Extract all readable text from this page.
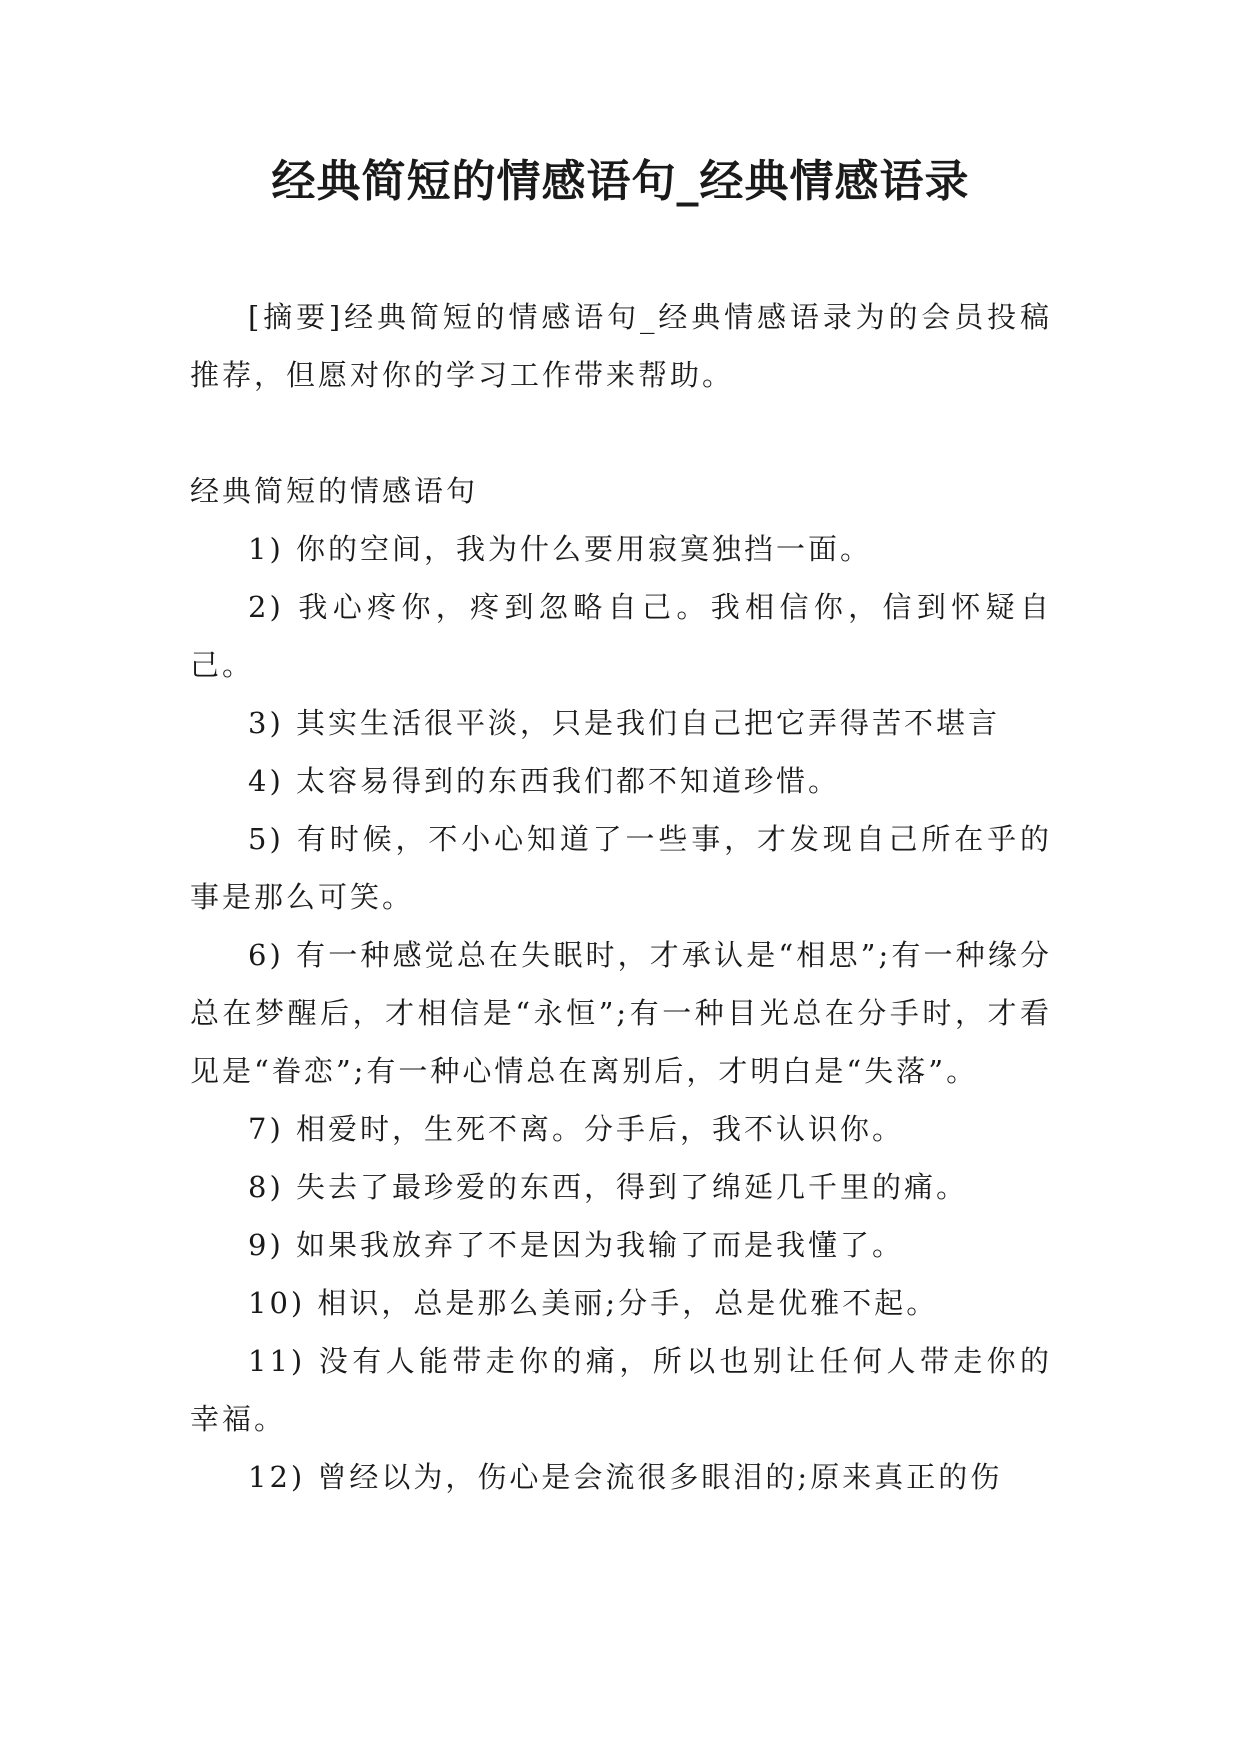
经典简短的情感语句_经典情感语录

[摘要]经典简短的情感语句_经典情感语录为的会员投稿推荐，但愿对你的学习工作带来帮助。

经典简短的情感语句

1) 你的空间，我为什么要用寂寞独挡一面。

2) 我心疼你，疼到忽略自己。我相信你，信到怀疑自己。

3) 其实生活很平淡，只是我们自己把它弄得苦不堪言

4) 太容易得到的东西我们都不知道珍惜。

5) 有时候，不小心知道了一些事，才发现自己所在乎的事是那么可笑。

6) 有一种感觉总在失眠时，才承认是“相思”;有一种缘分总在梦醒后，才相信是“永恒”;有一种目光总在分手时，才看见是“眷恋”;有一种心情总在离别后，才明白是“失落”。

7) 相爱时，生死不离。分手后，我不认识你。

8) 失去了最珍爱的东西，得到了绵延几千里的痛。

9) 如果我放弃了不是因为我输了而是我懂了。

10) 相识，总是那么美丽;分手，总是优雅不起。

11) 没有人能带走你的痛，所以也别让任何人带走你的幸福。

12) 曾经以为，伤心是会流很多眼泪的;原来真正的伤
